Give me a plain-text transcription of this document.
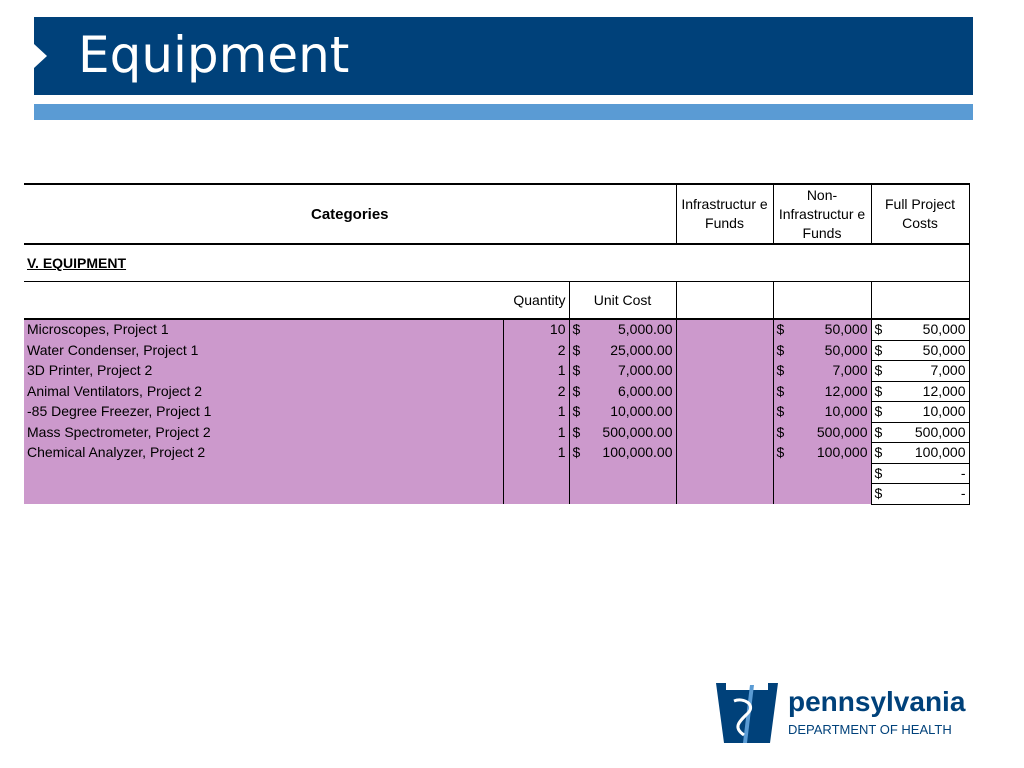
Equipment
Categories			Infrastructur e Funds	Non- Infrastructur e Funds	Full Project Costs
V. EQUIPMENT					
	Quantity	Unit Cost			
Microscopes, Project 1	10	$ 5,000.00		$ 50,000	$ 50,000

Water Condenser, Project 1	2	$ 25,000.00		$ 50,000	$ 50,000

3D Printer, Project 2	1	$ 7,000.00		$ 7,000	$ 7,000

Animal Ventilators, Project 2	2	$ 6,000.00		$ 12,000	$ 12,000

-85 Degree Freezer, Project 1	1	$ 10,000.00		$ 10,000	$ 10,000

Mass Spectrometer, Project 2	1	$ 500,000.00		$ 500,000	$ 500,000

Chemical Analyzer, Project 2	1	$ 100,000.00		$ 100,000	$ 100,000

					$ -

					$ -
pennsylvania
DEPARTMENT OF HEALTH
